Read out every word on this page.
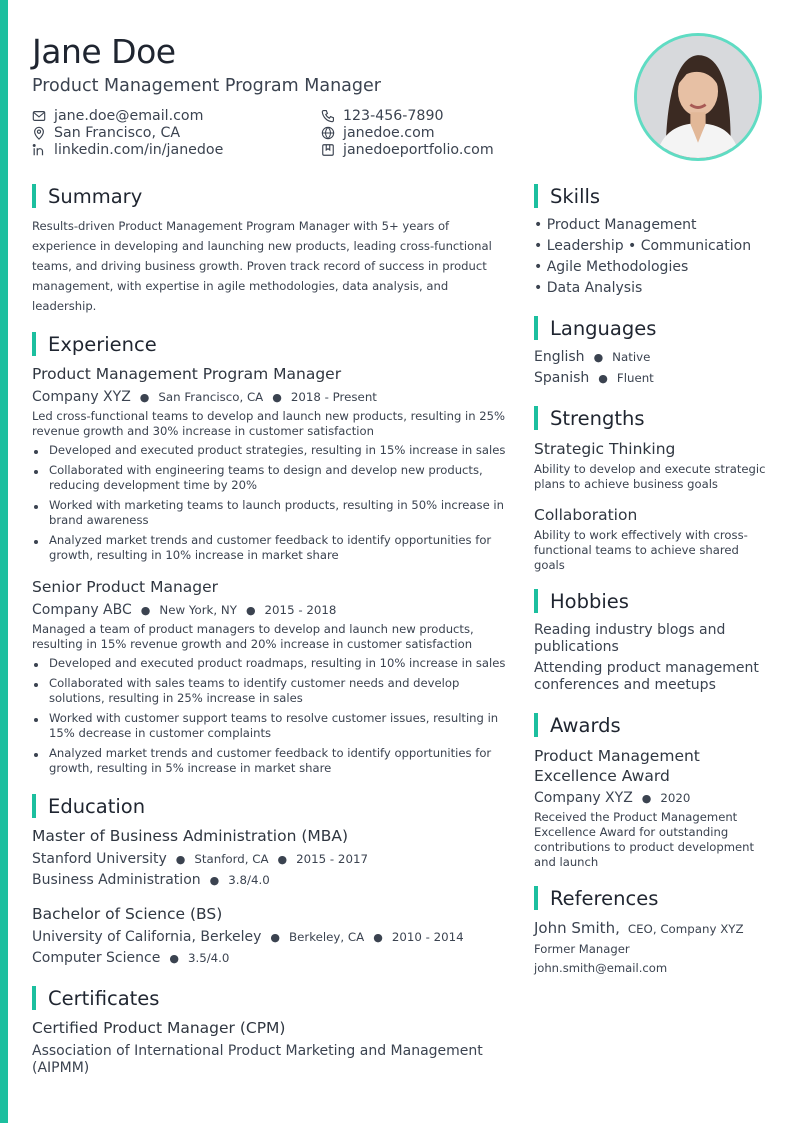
Jane Doe
Product Management Program Manager
jane.doe@email.com
San Francisco, CA
linkedin.com/in/janedoe
123-456-7890
janedoe.com
janedoeportfolio.com
Summary

Results-driven Product Management Program Manager with 5+ years of experience in developing and launching new products, leading cross-functional teams, and driving business growth. Proven track record of success in product management, with expertise in agile methodologies, data analysis, and leadership.

Experience
Product Management Program Manager
Company XYZ ● San Francisco, CA ● 2018 - Present

Led cross-functional teams to develop and launch new products, resulting in 25% revenue growth and 30% increase in customer satisfaction

Developed and executed product strategies, resulting in 15% increase in sales
Collaborated with engineering teams to design and develop new products, reducing development time by 20%
Worked with marketing teams to launch products, resulting in 50% increase in brand awareness
Analyzed market trends and customer feedback to identify opportunities for growth, resulting in 10% increase in market share
Senior Product Manager
Company ABC ● New York, NY ● 2015 - 2018

Managed a team of product managers to develop and launch new products, resulting in 15% revenue growth and 20% increase in customer satisfaction

Developed and executed product roadmaps, resulting in 10% increase in sales
Collaborated with sales teams to identify customer needs and develop solutions, resulting in 25% increase in sales
Worked with customer support teams to resolve customer issues, resulting in 15% decrease in customer complaints
Analyzed market trends and customer feedback to identify opportunities for growth, resulting in 5% increase in market share
Education
Master of Business Administration (MBA)
Stanford University ● Stanford, CA ● 2015 - 2017
Business Administration ● 3.8/4.0
Bachelor of Science (BS)
University of California, Berkeley ● Berkeley, CA ● 2010 - 2014
Computer Science ● 3.5/4.0
Certificates
Certified Product Manager (CPM)
Association of International Product Marketing and Management (AIPMM)
Skills
• Product Management
• Leadership • Communication
• Agile Methodologies
• Data Analysis
Languages
English ● Native
Spanish ● Fluent
Strengths
Strategic Thinking

Ability to develop and execute strategic plans to achieve business goals

Collaboration

Ability to work effectively with cross-functional teams to achieve shared goals

Hobbies
Reading industry blogs and publications
Attending product management conferences and meetups
Awards
Product Management Excellence Award
Company XYZ ● 2020

Received the Product Management Excellence Award for outstanding contributions to product development and launch

References
John Smith, CEO, Company XYZ
Former Manager
john.smith@email.com
